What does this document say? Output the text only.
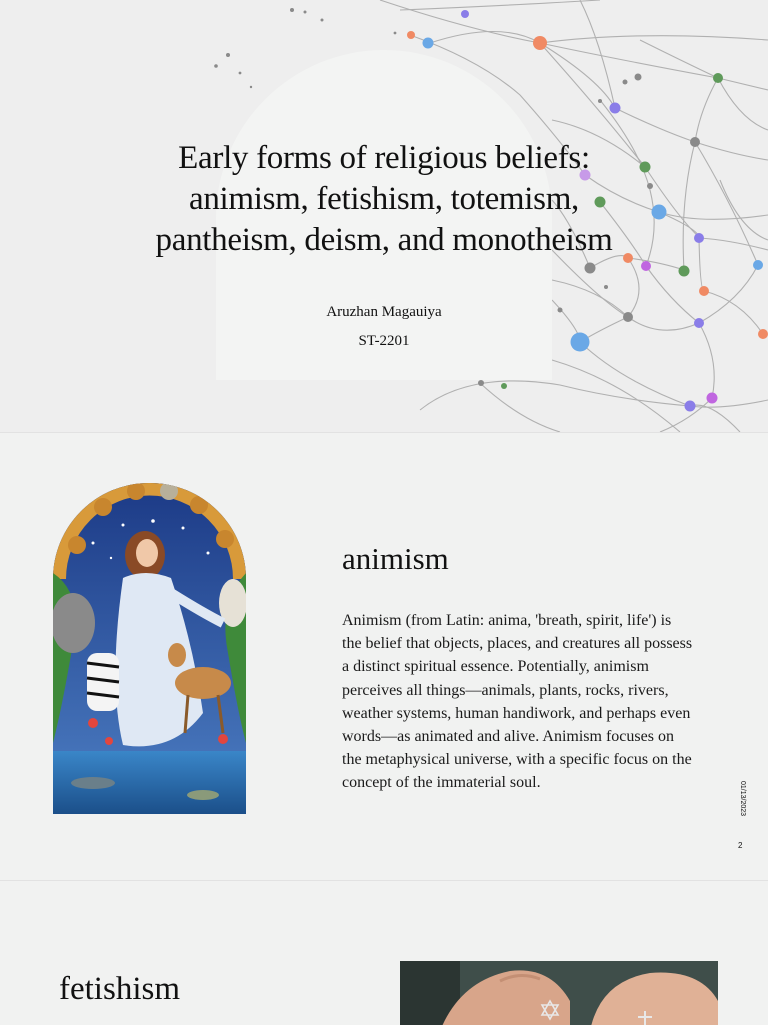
Early forms of religious beliefs:
animism, fetishism, totemism,
pantheism, deism, and monotheism

Aruzhan Magauiya

ST-2201

animism

Animism (from Latin: anima, 'breath, spirit, life') is the belief that objects, places, and creatures all possess a distinct spiritual essence. Potentially, animism perceives all things—animals, plants, rocks, rivers, weather systems, human handiwork, and perhaps even words—as animated and alive. Animism focuses on the metaphysical universe, with a specific focus on the concept of the immaterial soul.	01/13/2023
2
fetishism
